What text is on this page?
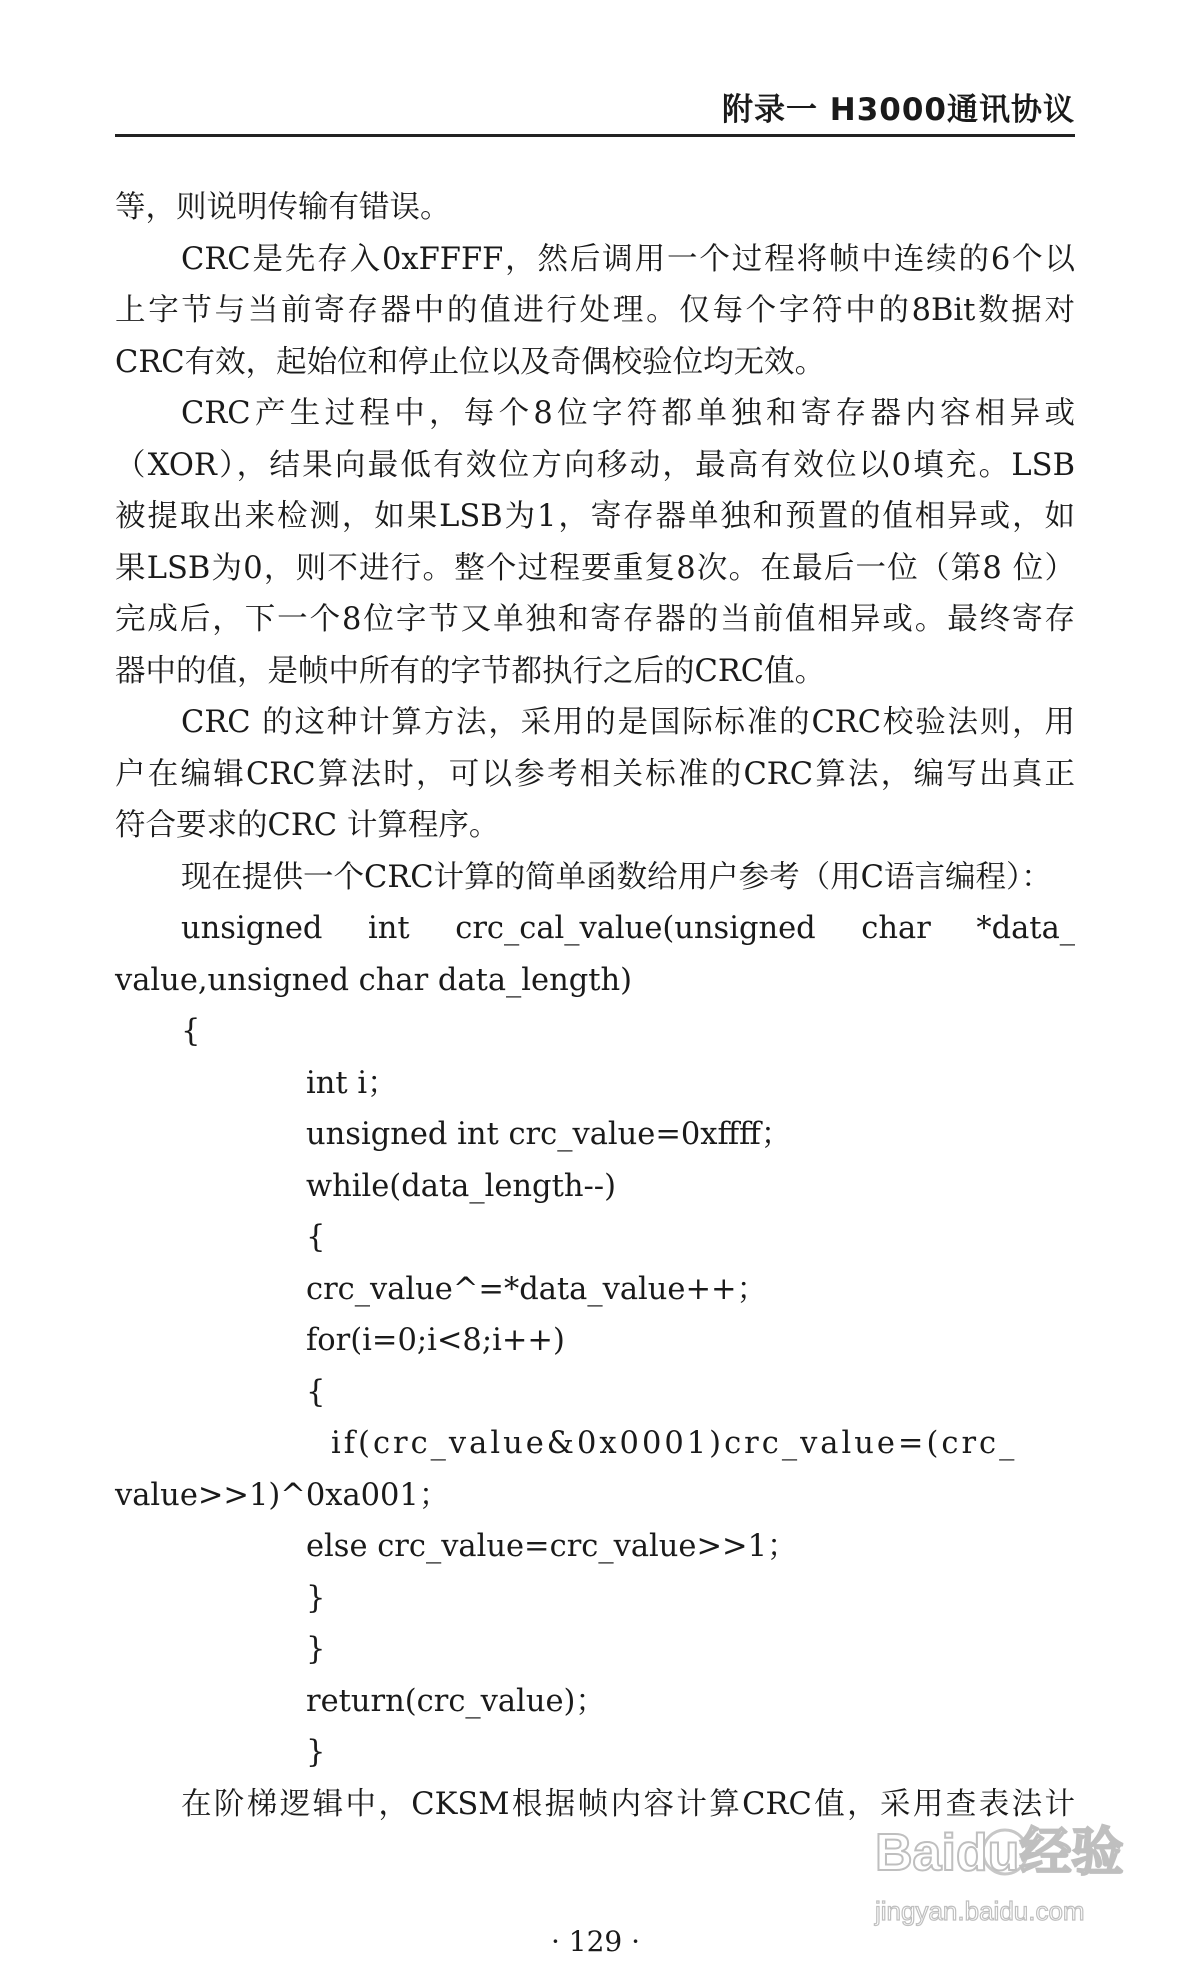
附录一 H3000通讯协议
等，则说明传输有错误。
CRC是先存入0xFFFF，然后调用一个过程将帧中连续的6个以
上字节与当前寄存器中的值进行处理。仅每个字符中的8Bit数据对
CRC有效，起始位和停止位以及奇偶校验位均无效。
CRC产生过程中，每个8位字符都单独和寄存器内容相异或
（XOR），结果向最低有效位方向移动，最高有效位以0填充。LSB
被提取出来检测，如果LSB为1，寄存器单独和预置的值相异或，如
果LSB为0，则不进行。整个过程要重复8次。在最后一位（第8 位）
完成后，下一个8位字节又单独和寄存器的当前值相异或。最终寄存
器中的值，是帧中所有的字节都执行之后的CRC值。
CRC 的这种计算方法，采用的是国际标准的CRC校验法则，用
户在编辑CRC算法时，可以参考相关标准的CRC算法，编写出真正
符合要求的CRC 计算程序。
现在提供一个CRC计算的简单函数给用户参考（用C语言编程）：
unsigned int crc_cal_value(unsigned char *data_
value,unsigned char data_length)
{
int i；
unsigned int crc_value=0xffff；
while(data_length--)
{
crc_value^=*data_value++；
for(i=0;i<8;i++)
{
if(crc_value&0x0001)crc_value=(crc_
value>>1)^0xa001；
else crc_value=crc_value>>1；
}
}
return(crc_value)；
}
在阶梯逻辑中，CKSM根据帧内容计算CRC值，采用查表法计
· 129 ·
Baidu经验
jingyan.baidu.com
